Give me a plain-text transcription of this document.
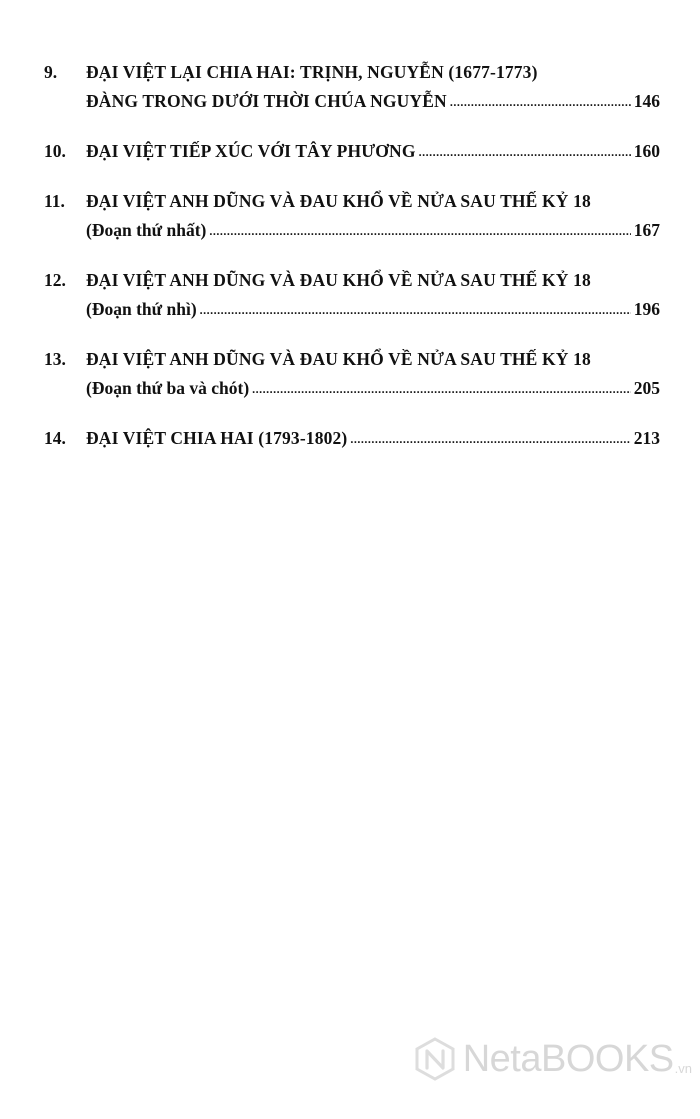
9.	ĐẠI VIỆT LẠI CHIA HAI: TRỊNH, NGUYỄN (1677-1773)
ĐÀNG TRONG DƯỚI THỜI CHÚA NGUYỄN .....	146
10.	ĐẠI VIỆT TIẾP XÚC VỚI TÂY PHƯƠNG .....	160
11.	ĐẠI VIỆT ANH DŨNG VÀ ĐAU KHỔ VỀ NỬA SAU THẾ KỶ 18
(Đoạn thứ nhất) .....	167
12.	ĐẠI VIỆT ANH DŨNG VÀ ĐAU KHỔ VỀ NỬA SAU THẾ KỶ 18
(Đoạn thứ nhì) .....	196
13.	ĐẠI VIỆT ANH DŨNG VÀ ĐAU KHỔ VỀ NỬA SAU THẾ KỶ 18
(Đoạn thứ ba và chót) .....	205
14.	ĐẠI VIỆT CHIA HAI (1793-1802) .....	213
NetaBOOKS .vn
